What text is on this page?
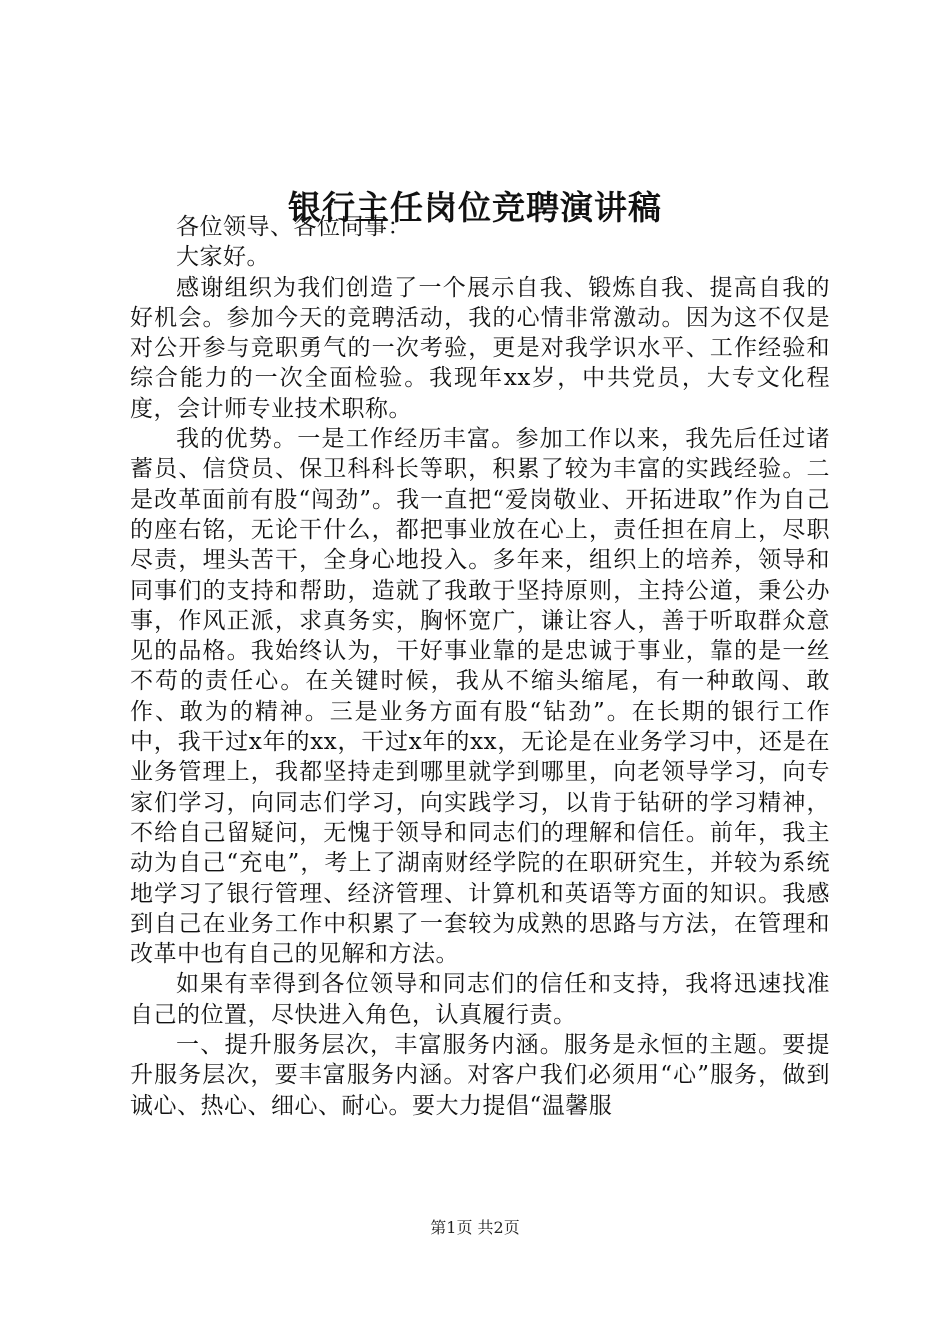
银行主任岗位竞聘演讲稿

各位领导、各位同事：

大家好。

感谢组织为我们创造了一个展示自我、锻炼自我、提高自我的好机会。参加今天的竞聘活动，我的心情非常激动。因为这不仅是对公开参与竞职勇气的一次考验，更是对我学识水平、工作经验和综合能力的一次全面检验。我现年xx岁，中共党员，大专文化程度，会计师专业技术职称。

我的优势。一是工作经历丰富。参加工作以来，我先后任过诸蓄员、信贷员、保卫科科长等职，积累了较为丰富的实践经验。二是改革面前有股“闯劲”。我一直把“爱岗敬业、开拓进取”作为自己的座右铭，无论干什么，都把事业放在心上，责任担在肩上，尽职尽责，埋头苦干，全身心地投入。多年来，组织上的培养，领导和同事们的支持和帮助，造就了我敢于坚持原则，主持公道，秉公办事，作风正派，求真务实，胸怀宽广，谦让容人，善于听取群众意见的品格。我始终认为，干好事业靠的是忠诚于事业，靠的是一丝不苟的责任心。在关键时候，我从不缩头缩尾，有一种敢闯、敢作、敢为的精神。三是业务方面有股“钻劲”。在长期的银行工作中，我干过x年的xx，干过x年的xx，无论是在业务学习中，还是在业务管理上，我都坚持走到哪里就学到哪里，向老领导学习，向专家们学习，向同志们学习，向实践学习，以肯于钻研的学习精神，不给自己留疑问，无愧于领导和同志们的理解和信任。前年，我主动为自己“充电”，考上了湖南财经学院的在职研究生，并较为系统地学习了银行管理、经济管理、计算机和英语等方面的知识。我感到自己在业务工作中积累了一套较为成熟的思路与方法，在管理和改革中也有自己的见解和方法。

如果有幸得到各位领导和同志们的信任和支持，我将迅速找准自己的位置，尽快进入角色，认真履行责。

一、提升服务层次，丰富服务内涵。服务是永恒的主题。要提升服务层次，要丰富服务内涵。对客户我们必须用“心”服务，做到诚心、热心、细心、耐心。要大力提倡“温馨服

第1页 共2页
